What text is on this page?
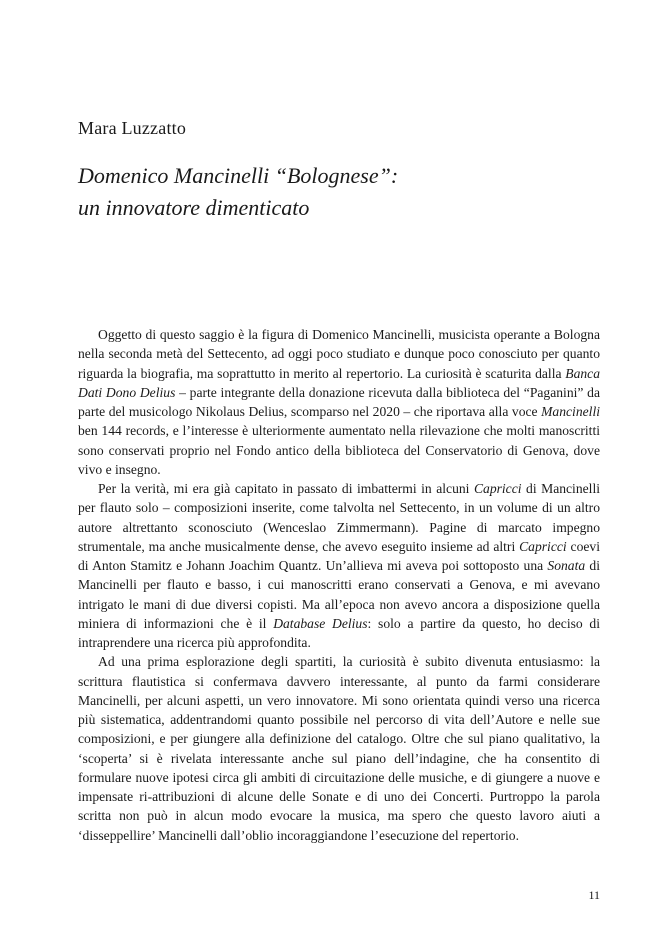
Mara Luzzatto
Domenico Mancinelli “Bolognese”:
un innovatore dimenticato

Oggetto di questo saggio è la figura di Domenico Mancinelli, musicista operante a Bologna nella seconda metà del Settecento, ad oggi poco studiato e dunque poco conosciuto per quanto riguarda la biografia, ma soprattutto in merito al repertorio. La curiosità è scaturita dalla Banca Dati Dono Delius – parte integrante della donazione ricevuta dalla biblioteca del “Paganini” da parte del musicologo Nikolaus Delius, scomparso nel 2020 – che riportava alla voce Mancinelli ben 144 records, e l’interesse è ulteriormente aumentato nella rilevazione che molti manoscritti sono conservati proprio nel Fondo antico della biblioteca del Conservatorio di Genova, dove vivo e insegno.

Per la verità, mi era già capitato in passato di imbattermi in alcuni Capricci di Mancinelli per flauto solo – composizioni inserite, come talvolta nel Settecento, in un volume di un altro autore altrettanto sconosciuto (Wenceslao Zimmermann). Pagine di marcato impegno strumentale, ma anche musicalmente dense, che avevo eseguito insieme ad altri Capricci coevi di Anton Stamitz e Johann Joachim Quantz. Un’allieva mi aveva poi sottoposto una Sonata di Mancinelli per flauto e basso, i cui manoscritti erano conservati a Genova, e mi avevano intrigato le mani di due diversi copisti. Ma all’epoca non avevo ancora a disposizione quella miniera di informazioni che è il Database Delius: solo a partire da questo, ho deciso di intraprendere una ricerca più approfondita.

Ad una prima esplorazione degli spartiti, la curiosità è subito divenuta entusiasmo: la scrittura flautistica si confermava davvero interessante, al punto da farmi considerare Mancinelli, per alcuni aspetti, un vero innovatore. Mi sono orientata quindi verso una ricerca più sistematica, addentrandomi quanto possibile nel percorso di vita dell’Autore e nelle sue composizioni, e per giungere alla definizione del catalogo. Oltre che sul piano qualitativo, la ‘scoperta’ si è rivelata interessante anche sul piano dell’indagine, che ha consentito di formulare nuove ipotesi circa gli ambiti di circuitazione delle musiche, e di giungere a nuove e impensate ri-attribuzioni di alcune delle Sonate e di uno dei Concerti. Purtroppo la parola scritta non può in alcun modo evocare la musica, ma spero che questo lavoro aiuti a ‘disseppellire’ Mancinelli dall’oblio incoraggiandone l’esecuzione del repertorio.

11
